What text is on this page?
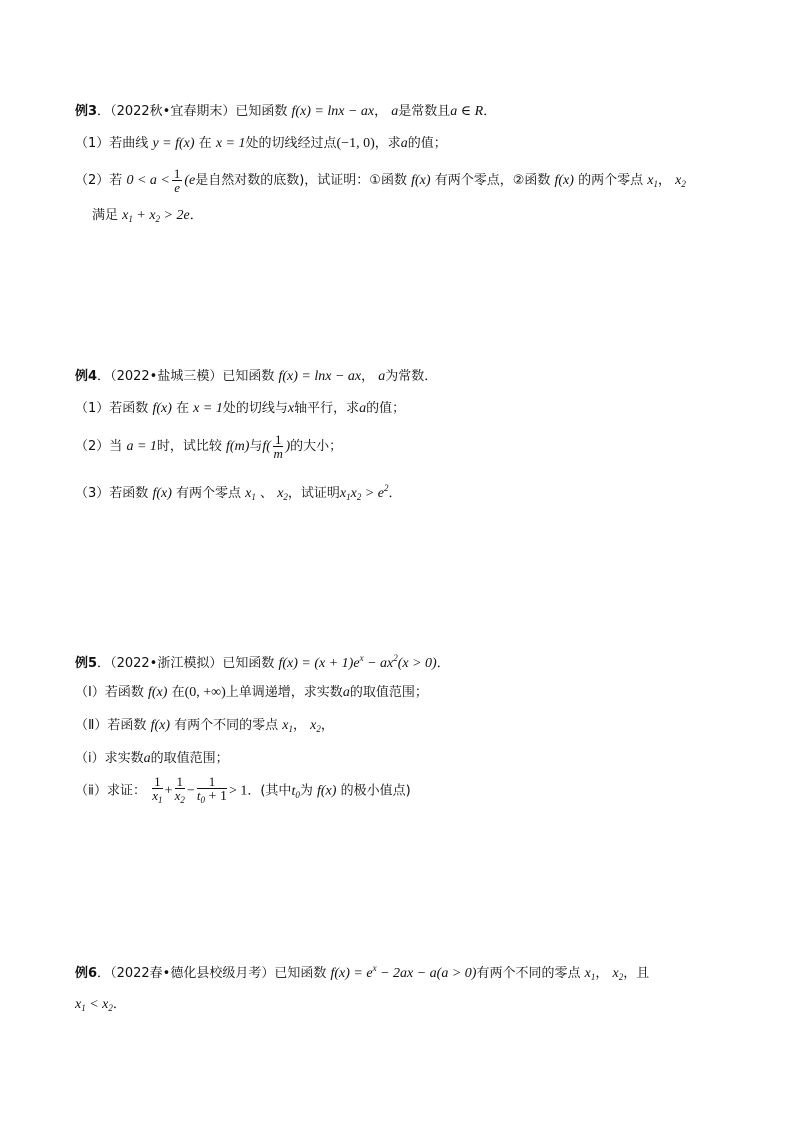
例3．（2022秋•宜春期末）已知函数 f(x) = lnx − ax， a是常数且a ∈ R．
（1）若曲线 y = f(x) 在 x = 1处的切线经过点(−1, 0)，求a的值；
（2）若 $0 < a < \frac{1}{e} (e$是自然对数的底数)，试证明：①函数 f(x) 有两个零点，②函数 f(x) 的两个零点 $x_1$， $x_2$
满足 $x_1 + x_2 > 2e$．
例4．（2022•盐城三模）已知函数 f(x) = lnx − ax， a为常数．
（1）若函数 f(x) 在 x = 1处的切线与x轴平行，求a的值；
（2）当 a = 1时，试比较 f(m)与$f( \frac{1}{m}$ )的大小；
（3）若函数 f(x) 有两个零点 $x_1$ 、 $x_2$，试证明$x_1x_2 > e^2$．
例5．（2022•浙江模拟）已知函数 $f(x) = (x + 1)e^x - ax^2(x > 0)$．
（Ⅰ）若函数 f(x) 在(0, +∞)上单调递增，求实数a的取值范围；
（Ⅱ）若函数 f(x) 有两个不同的零点 $x_1$， $x_2$，
（ⅰ）求实数a的取值范围；
（ⅱ）求证： $\frac{1}{x_1} + \frac{1}{x_2} - \frac{1}{t_0 + 1} > 1$．(其中$t_0$为 f(x) 的极小值点)
例6．（2022春•德化县校级月考）已知函数 $f(x) = e^x - 2ax - a(a > 0)$有两个不同的零点 $x_1$， $x_2$，且
$x_1 < x_2$．
